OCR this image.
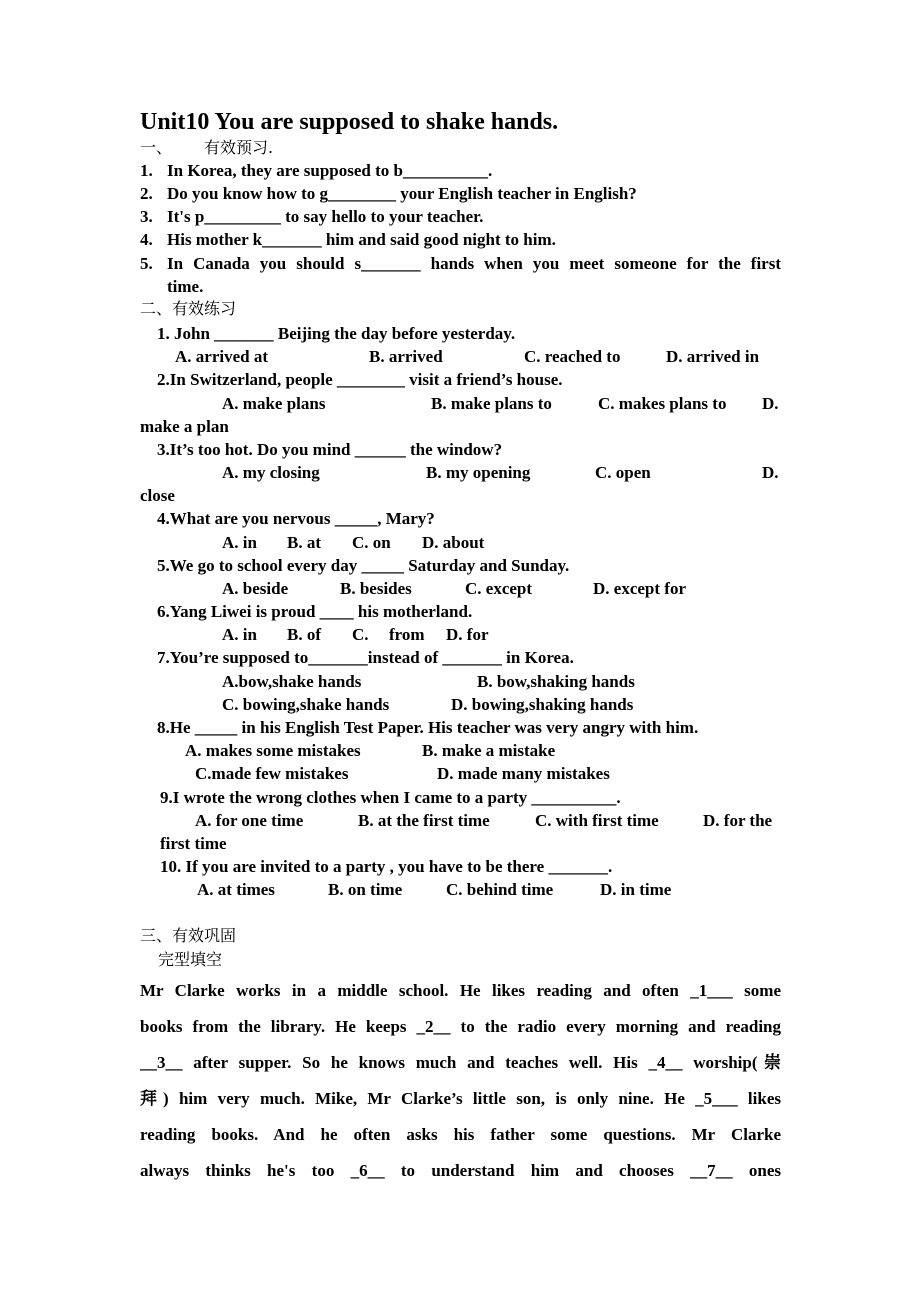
Unit10 You are supposed to shake hands.
一、 有效预习.
1. In Korea, they are supposed to b__________.
2. Do you know how to g________ your English teacher in English?
3. It's p_________ to say hello to your teacher.
4. His mother k_______ him and said good night to him.
5. In Canada you should s_______ hands when you meet someone for the first
time.
二、有效练习
1. John _______ Beijing the day before yesterday.
A. arrived at	B. arrived	C. reached to	D. arrived in
2.In Switzerland, people ________ visit a friend’s house.
A. make plans	B. make plans to	C. makes plans to D.
make a plan
3.It’s too hot. Do you mind ______ the window?
A. my closing	B. my opening	C. open	D.
close
4.What are you nervous _____, Mary?
A. in B. at C. on D. about
5.We go to school every day _____ Saturday and Sunday.
A. beside	B. besides	C. except	D. except for
6.Yang Liwei is proud ____ his motherland.
A. in B. of C. from D. for
7.You’re supposed to_______instead of _______ in Korea.
A.bow,shake hands	B. bow,shaking hands
C. bowing,shake hands	D. bowing,shaking hands
8.He _____ in his English Test Paper. His teacher was very angry with him.
A. makes some mistakes	B. make a mistake
C.made few mistakes	D. made many mistakes
9.I wrote the wrong clothes when I came to a party __________.
A. for one time	B. at the first time	C. with first time	D. for the
first time
10. If you are invited to a party , you have to be there _______.
A. at times	B. on time	C. behind time	D. in time
三、有效巩固
完型填空
Mr Clarke works in a middle school. He likes reading and often _1___ some
books from the library. He keeps _2__ to the radio every morning and reading
__3__ after supper. So he knows much and teaches well. His _4__ worship(崇
拜) him very much. Mike, Mr Clarke’s little son, is only nine. He _5___ likes
reading books. And he often asks his father some questions. Mr Clarke
always thinks he's too _6__ to understand him and chooses __7__ ones
